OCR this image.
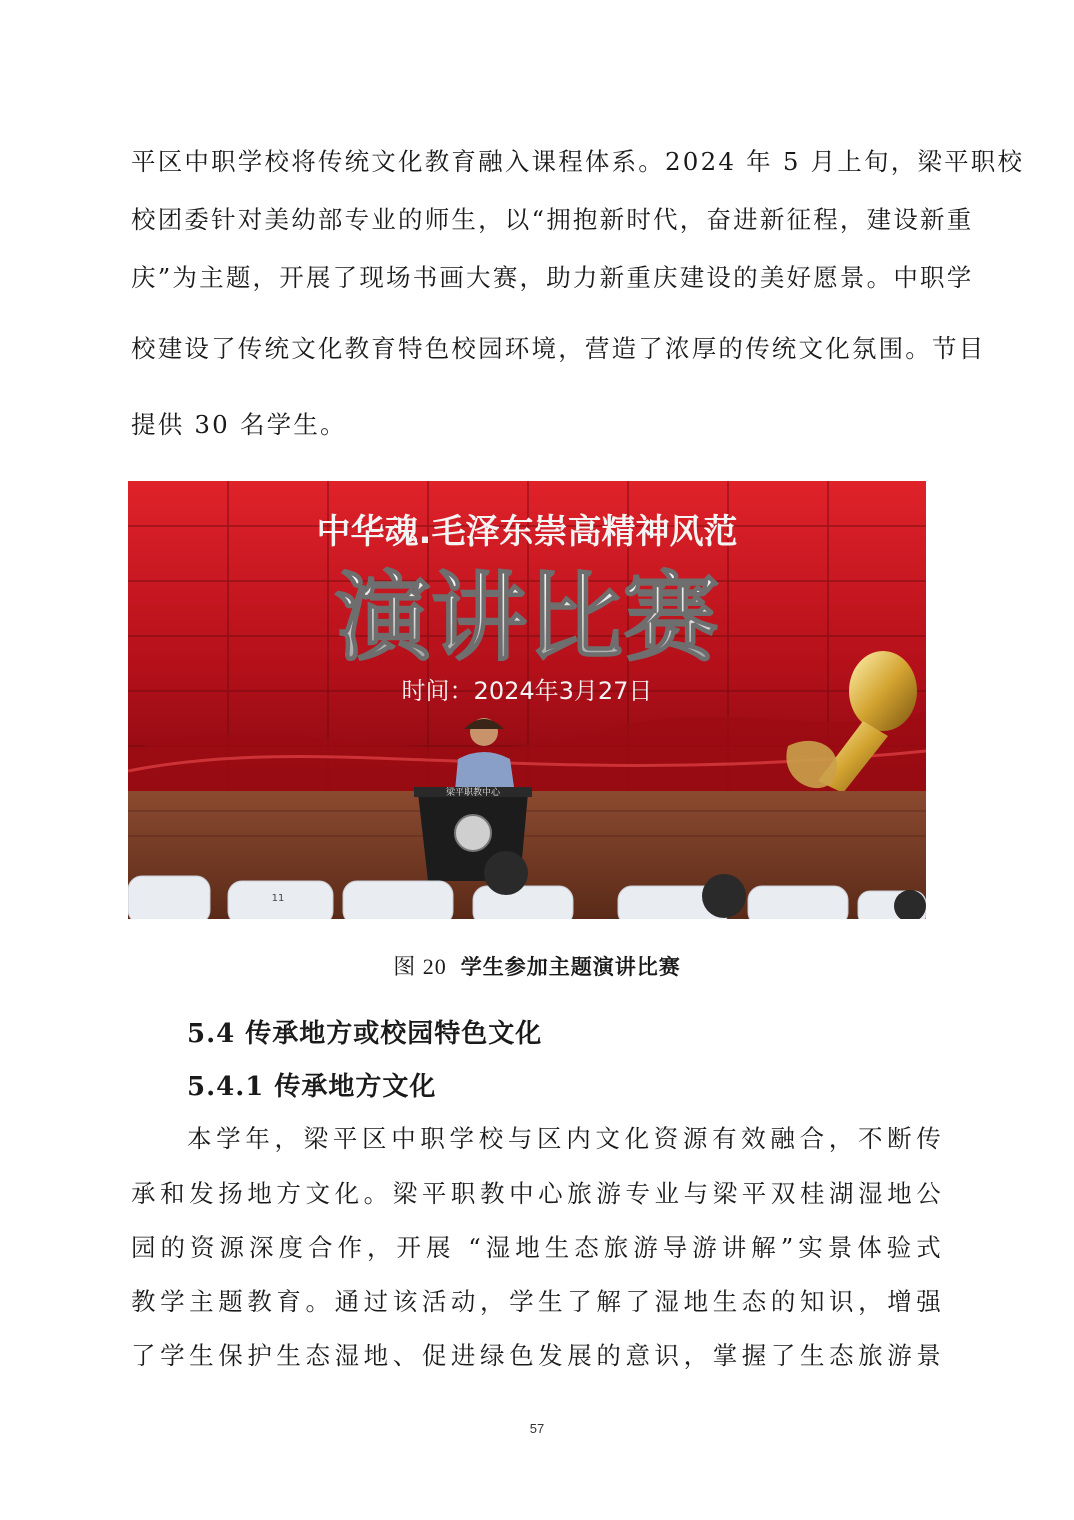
平区中职学校将传统文化教育融入课程体系。2024 年 5 月上旬，梁平职校
校团委针对美幼部专业的师生，以“拥抱新时代，奋进新征程，建设新重
庆”为主题，开展了现场书画大赛，助力新重庆建设的美好愿景。中职学
校建设了传统文化教育特色校园环境，营造了浓厚的传统文化氛围。节目
提供 30 名学生。
中华魂.毛泽东崇高精神风范
演讲比赛
时间：2024年3月27日
梁平职教中心
11
图 20 学生参加主题演讲比赛
5.4 传承地方或校园特色文化
5.4.1 传承地方文化
本学年，梁平区中职学校与区内文化资源有效融合，不断传
承和发扬地方文化。梁平职教中心旅游专业与梁平双桂湖湿地公
园的资源深度合作，开展 “湿地生态旅游导游讲解”实景体验式
教学主题教育。通过该活动，学生了解了湿地生态的知识，增强
了学生保护生态湿地、促进绿色发展的意识，掌握了生态旅游景
57
